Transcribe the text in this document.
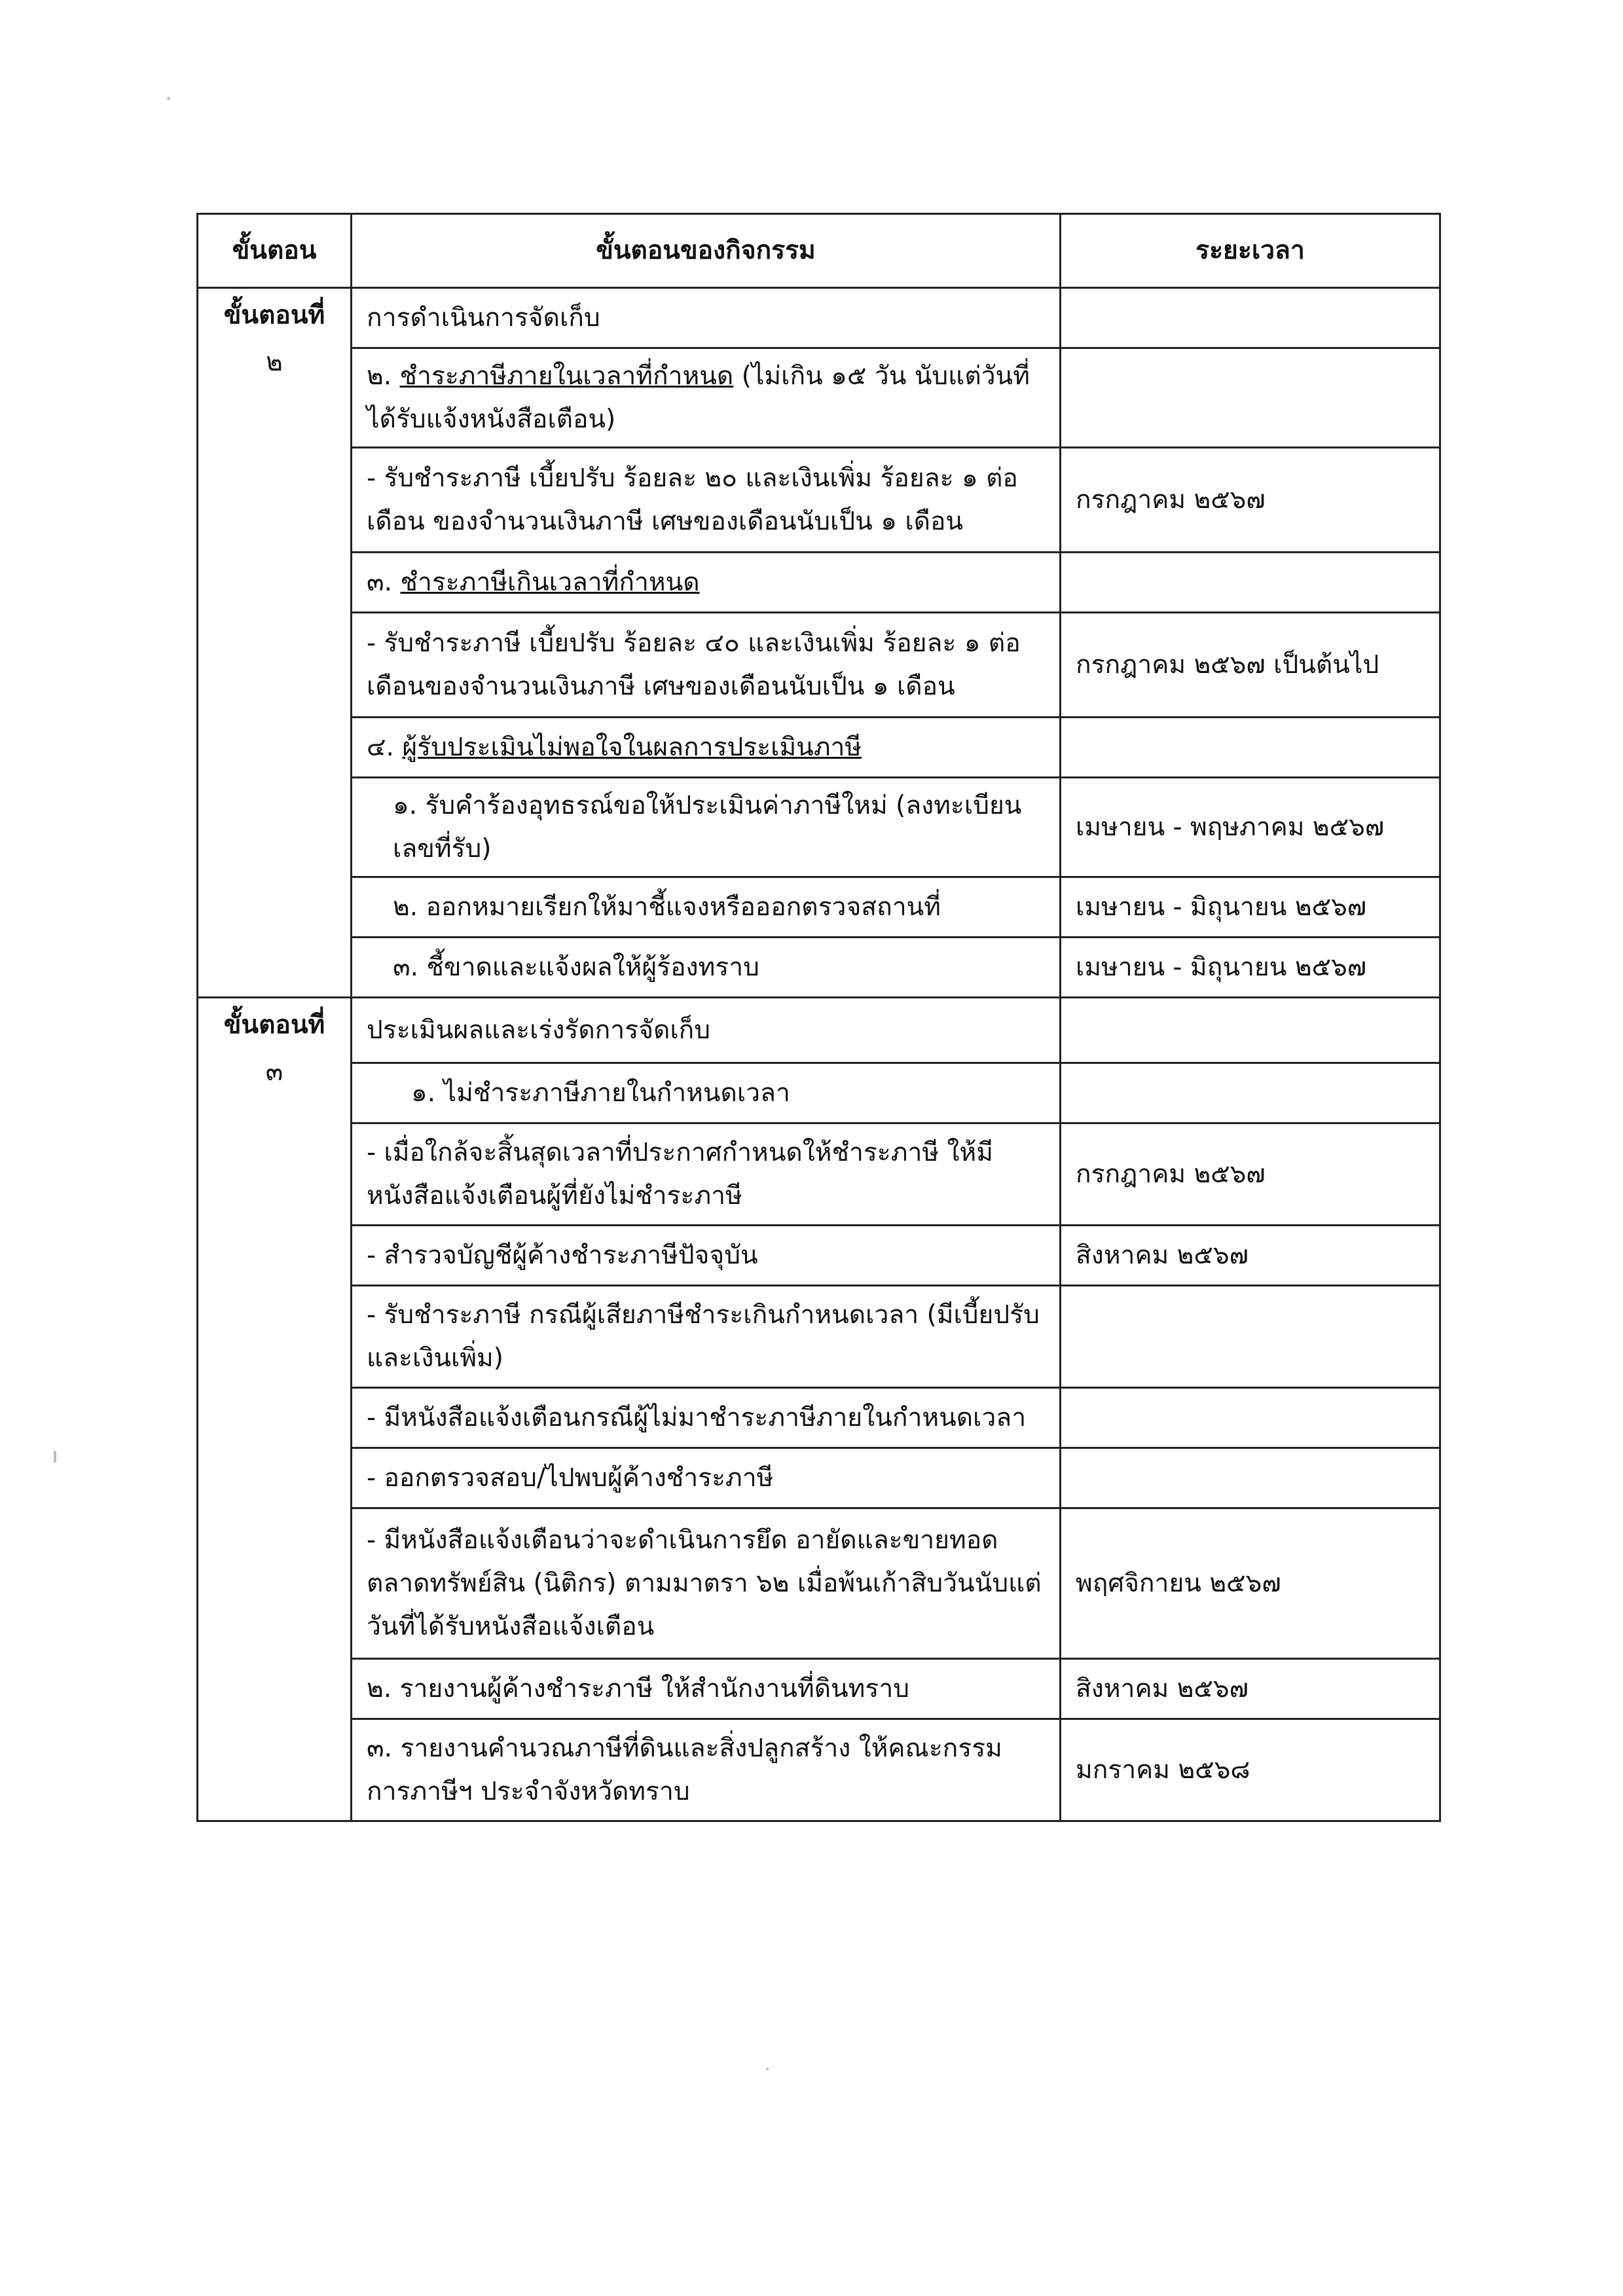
ขั้นตอน	ขั้นตอนของกิจกรรม	ระยะเวลา
ขั้นตอนที่
๒	การดำเนินการจัดเก็บ	
	๒. ชำระภาษีภายในเวลาที่กำหนด (ไม่เกิน ๑๕ วัน นับแต่วันที่ได้รับแจ้งหนังสือเตือน)	
	- รับชำระภาษี เบี้ยปรับ ร้อยละ ๒๐ และเงินเพิ่ม ร้อยละ ๑ ต่อเดือน ของจำนวนเงินภาษี เศษของเดือนนับเป็น ๑ เดือน	กรกฎาคม ๒๕๖๗
	๓. ชำระภาษีเกินเวลาที่กำหนด	
	- รับชำระภาษี เบี้ยปรับ ร้อยละ ๔๐ และเงินเพิ่ม ร้อยละ ๑ ต่อเดือนของจำนวนเงินภาษี เศษของเดือนนับเป็น ๑ เดือน	กรกฎาคม ๒๕๖๗ เป็นต้นไป
	๔. ผู้รับประเมินไม่พอใจในผลการประเมินภาษี	
	๑. รับคำร้องอุทธรณ์ขอให้ประเมินค่าภาษีใหม่ (ลงทะเบียนเลขที่รับ)	เมษายน - พฤษภาคม ๒๕๖๗
	๒. ออกหมายเรียกให้มาชี้แจงหรือออกตรวจสถานที่	เมษายน - มิถุนายน ๒๕๖๗
	๓. ชี้ขาดและแจ้งผลให้ผู้ร้องทราบ	เมษายน - มิถุนายน ๒๕๖๗
ขั้นตอนที่
๓	ประเมินผลและเร่งรัดการจัดเก็บ	
	๑. ไม่ชำระภาษีภายในกำหนดเวลา	
	- เมื่อใกล้จะสิ้นสุดเวลาที่ประกาศกำหนดให้ชำระภาษี ให้มีหนังสือแจ้งเตือนผู้ที่ยังไม่ชำระภาษี	กรกฎาคม ๒๕๖๗
	- สำรวจบัญชีผู้ค้างชำระภาษีปัจจุบัน	สิงหาคม ๒๕๖๗
	- รับชำระภาษี กรณีผู้เสียภาษีชำระเกินกำหนดเวลา (มีเบี้ยปรับและเงินเพิ่ม)	
	- มีหนังสือแจ้งเตือนกรณีผู้ไม่มาชำระภาษีภายในกำหนดเวลา	
	- ออกตรวจสอบ/ไปพบผู้ค้างชำระภาษี	
	- มีหนังสือแจ้งเตือนว่าจะดำเนินการยึด อายัดและขายทอดตลาดทรัพย์สิน (นิติกร) ตามมาตรา ๖๒ เมื่อพ้นเก้าสิบวันนับแต่วันที่ได้รับหนังสือแจ้งเตือน	พฤศจิกายน ๒๕๖๗
	๒. รายงานผู้ค้างชำระภาษี ให้สำนักงานที่ดินทราบ	สิงหาคม ๒๕๖๗
	๓. รายงานคำนวณภาษีที่ดินและสิ่งปลูกสร้าง ให้คณะกรรมการภาษีฯ ประจำจังหวัดทราบ	มกราคม ๒๕๖๘
